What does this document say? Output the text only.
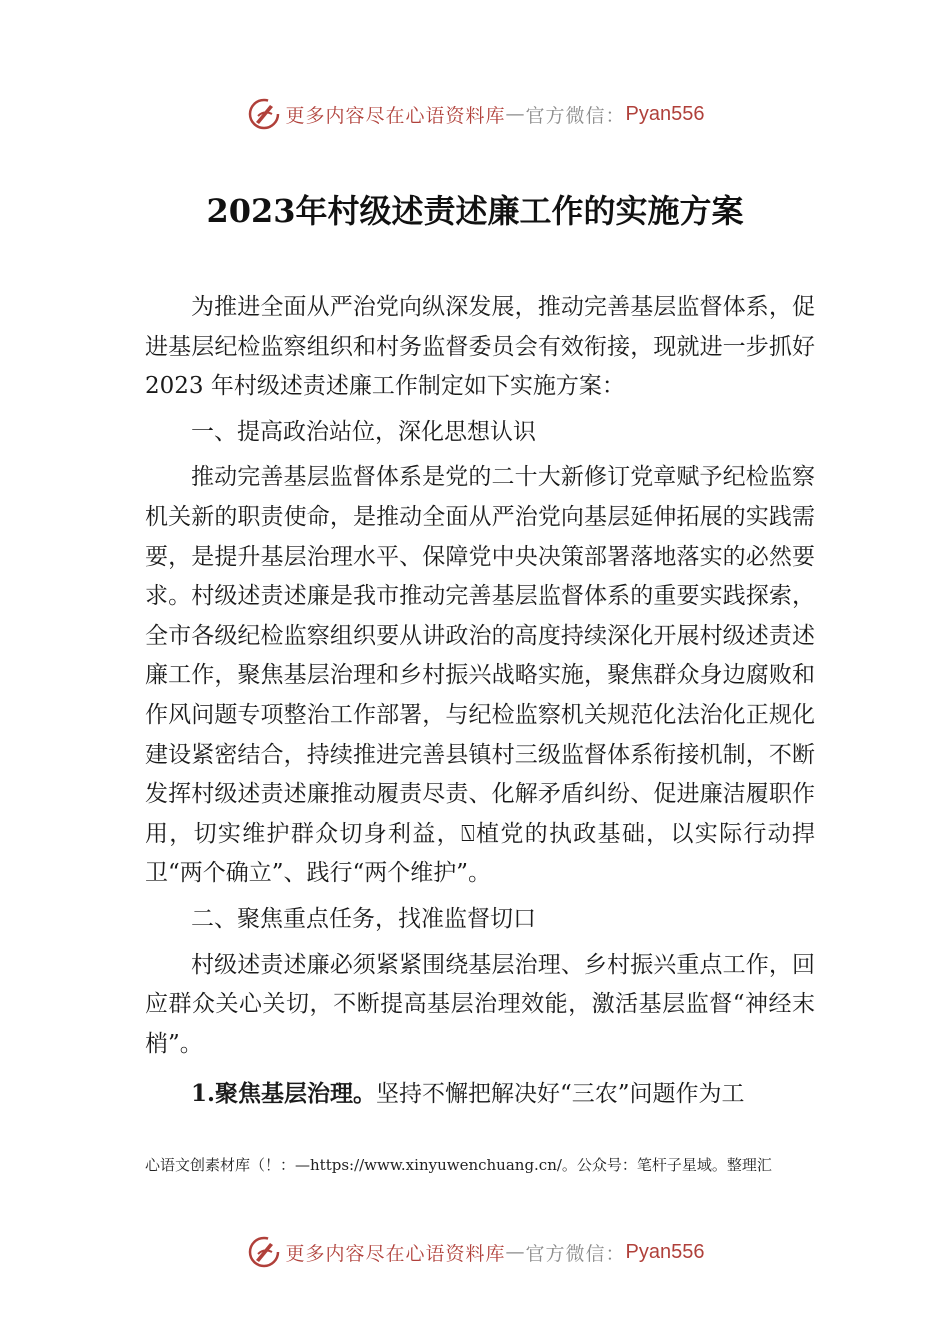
更多内容尽在心语资料库 — 官方微信： Pyan556
2023年村级述责述廉工作的实施方案

为推进全面从严治党向纵深发展，推动完善基层监督体系，促进基层纪检监察组织和村务监督委员会有效衔接，现就进一步抓好 2023 年村级述责述廉工作制定如下实施方案：

一、提高政治站位，深化思想认识

推动完善基层监督体系是党的二十大新修订党章赋予纪检监察机关新的职责使命，是推动全面从严治党向基层延伸拓展的实践需要，是提升基层治理水平、保障党中央决策部署落地落实的必然要求。村级述责述廉是我市推动完善基层监督体系的重要实践探索，全市各级纪检监察组织要从讲政治的高度持续深化开展村级述责述廉工作，聚焦基层治理和乡村振兴战略实施，聚焦群众身边腐败和作风问题专项整治工作部署，与纪检监察机关规范化法治化正规化建设紧密结合，持续推进完善县镇村三级监督体系衔接机制，不断发挥村级述责述廉推动履责尽责、化解矛盾纠纷、促进廉洁履职作用，切实维护群众切身利益，⍂植党的执政基础，以实际行动捍卫“两个确立”、践行“两个维护”。

二、聚焦重点任务，找准监督切口

村级述责述廉必须紧紧围绕基层治理、乡村振兴重点工作，回应群众关心关切，不断提高基层治理效能，激活基层监督“神经末梢”。

1.聚焦基层治理。坚持不懈把解决好“三农”问题作为工

心语文创素材库（！：—https://www.xinyuwenchuang.cn/。公众号：笔杆子星域。整理汇
更多内容尽在心语资料库 — 官方微信： Pyan556
